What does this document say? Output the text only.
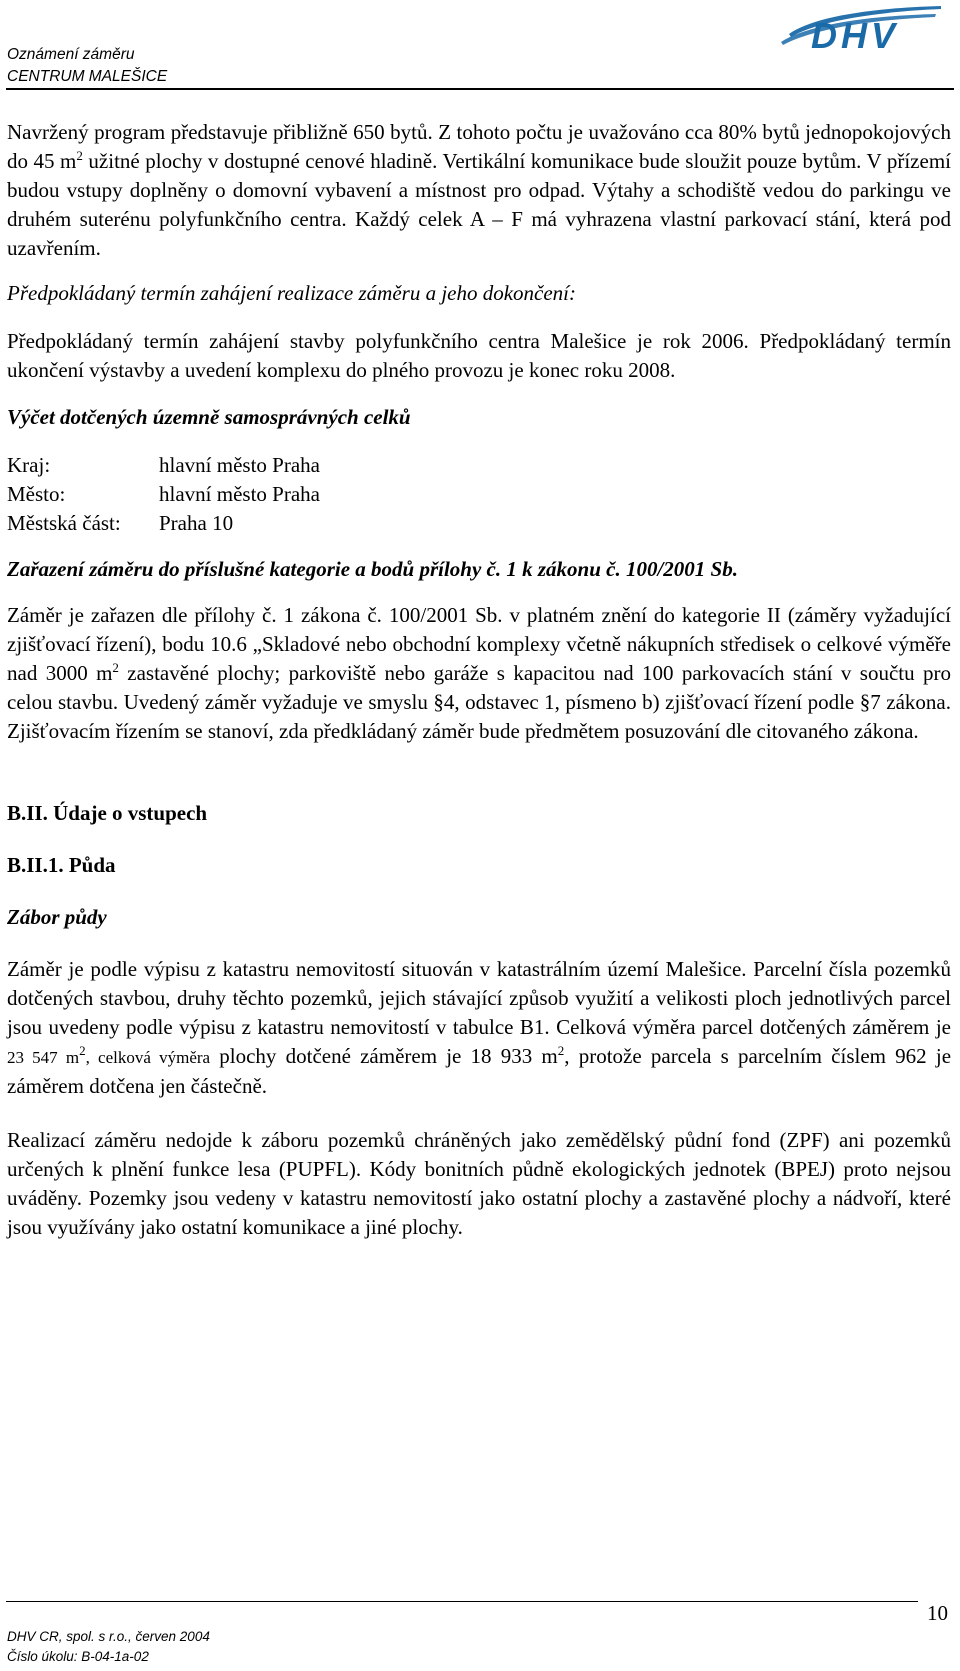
Oznámení záměru
CENTRUM MALEŠICE
DHV

Navržený program představuje přibližně 650 bytů. Z tohoto počtu je uvažováno cca 80% bytů jednopokojových do 45 $m^2$ užitné plochy v dostupné cenové hladině. Vertikální komunikace bude sloužit pouze bytům. V přízemí budou vstupy doplněny o domovní vybavení a místnost pro odpad. Výtahy a schodiště vedou do parkingu ve druhém suterénu polyfunkčního centra. Každý celek A – F má vyhrazena vlastní parkovací stání, která pod uzavřením.

Předpokládaný termín zahájení realizace záměru a jeho dokončení:

Předpokládaný termín zahájení stavby polyfunkčního centra Malešice je rok 2006. Předpokládaný termín ukončení výstavby a uvedení komplexu do plného provozu je konec roku 2008.

Výčet dotčených územně samosprávných celků

Kraj:	hlavní město Praha
Město:	hlavní město Praha
Městská část:	Praha 10

Zařazení záměru do příslušné kategorie a bodů přílohy č. 1 k zákonu č. 100/2001 Sb.

Záměr je zařazen dle přílohy č. 1 zákona č. 100/2001 Sb. v platném znění do kategorie II (záměry vyžadující zjišťovací řízení), bodu 10.6 „Skladové nebo obchodní komplexy včetně nákupních středisek o celkové výměře nad 3000 $m^2$ zastavěné plochy; parkoviště nebo garáže s kapacitou nad 100 parkovacích stání v součtu pro celou stavbu. Uvedený záměr vyžaduje ve smyslu §4, odstavec 1, písmeno b) zjišťovací řízení podle §7 zákona. Zjišťovacím řízením se stanoví, zda předkládaný záměr bude předmětem posuzování dle citovaného zákona.

B.II. Údaje o vstupech

B.II.1. Půda

Zábor půdy

Záměr je podle výpisu z katastru nemovitostí situován v katastrálním území Malešice. Parcelní čísla pozemků dotčených stavbou, druhy těchto pozemků, jejich stávající způsob využití a velikosti ploch jednotlivých parcel jsou uvedeny podle výpisu z katastru nemovitostí v tabulce B1. Celková výměra parcel dotčených záměrem je 23 547 $m^2$, celková výměra plochy dotčené záměrem je 18 933 $m^2$, protože parcela s parcelním číslem 962 je záměrem dotčena jen částečně.

Realizací záměru nedojde k záboru pozemků chráněných jako zemědělský půdní fond (ZPF) ani pozemků určených k plnění funkce lesa (PUPFL). Kódy bonitních půdně ekologických jednotek (BPEJ) proto nejsou uváděny. Pozemky jsou vedeny v katastru nemovitostí jako ostatní plochy a zastavěné plochy a nádvoří, které jsou využívány jako ostatní komunikace a jiné plochy.

10
DHV CR, spol. s r.o., červen 2004
Číslo úkolu: B-04-1a-02
